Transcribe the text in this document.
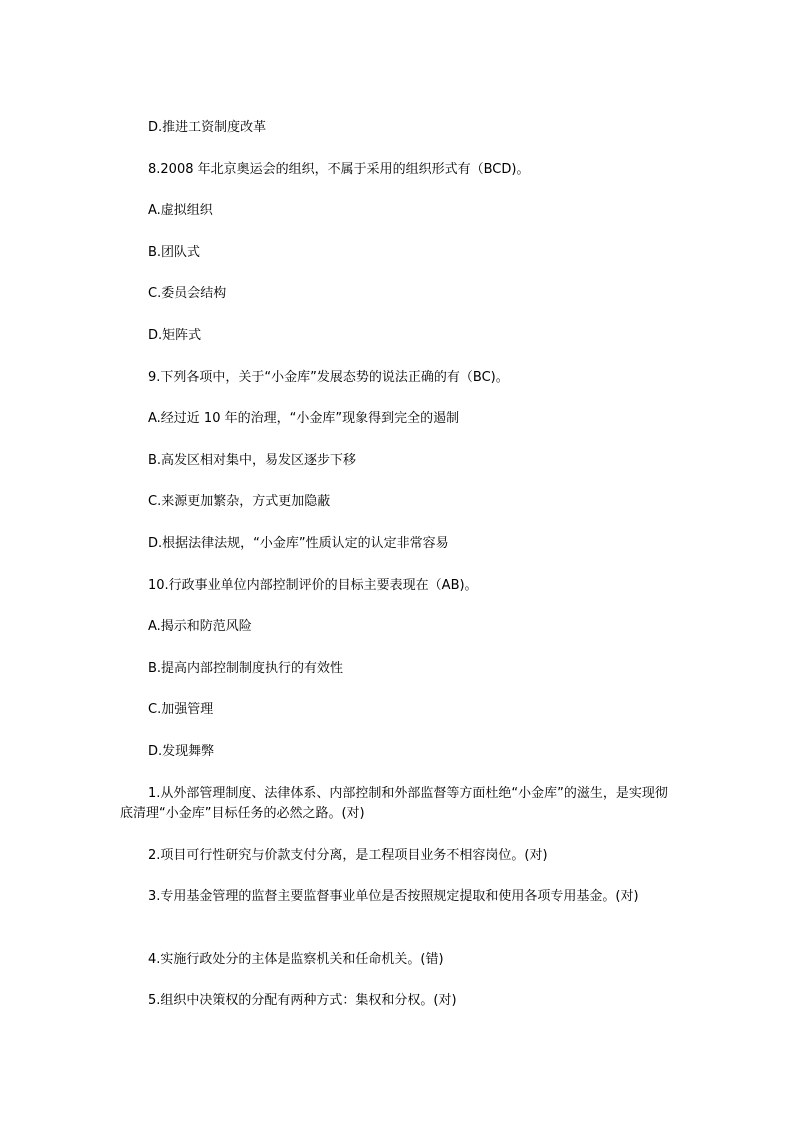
D.推进工资制度改革
8.2008 年北京奥运会的组织，不属于采用的组织形式有（BCD)。
A.虚拟组织
B.团队式
C.委员会结构
D.矩阵式
9.下列各项中，关于“小金库”发展态势的说法正确的有（BC)。
A.经过近 10 年的治理，“小金库”现象得到完全的遏制
B.高发区相对集中，易发区逐步下移
C.来源更加繁杂，方式更加隐蔽
D.根据法律法规，“小金库”性质认定的认定非常容易
10.行政事业单位内部控制评价的目标主要表现在（AB)。
A.揭示和防范风险
B.提高内部控制制度执行的有效性
C.加强管理
D.发现舞弊
1.从外部管理制度、法律体系、内部控制和外部监督等方面杜绝“小金库”的滋生，是实现彻底清理“小金库”目标任务的必然之路。(对)
2.项目可行性研究与价款支付分离，是工程项目业务不相容岗位。(对)
3.专用基金管理的监督主要监督事业单位是否按照规定提取和使用各项专用基金。(对)
4.实施行政处分的主体是监察机关和任命机关。(错)
5.组织中决策权的分配有两种方式：集权和分权。(对)
